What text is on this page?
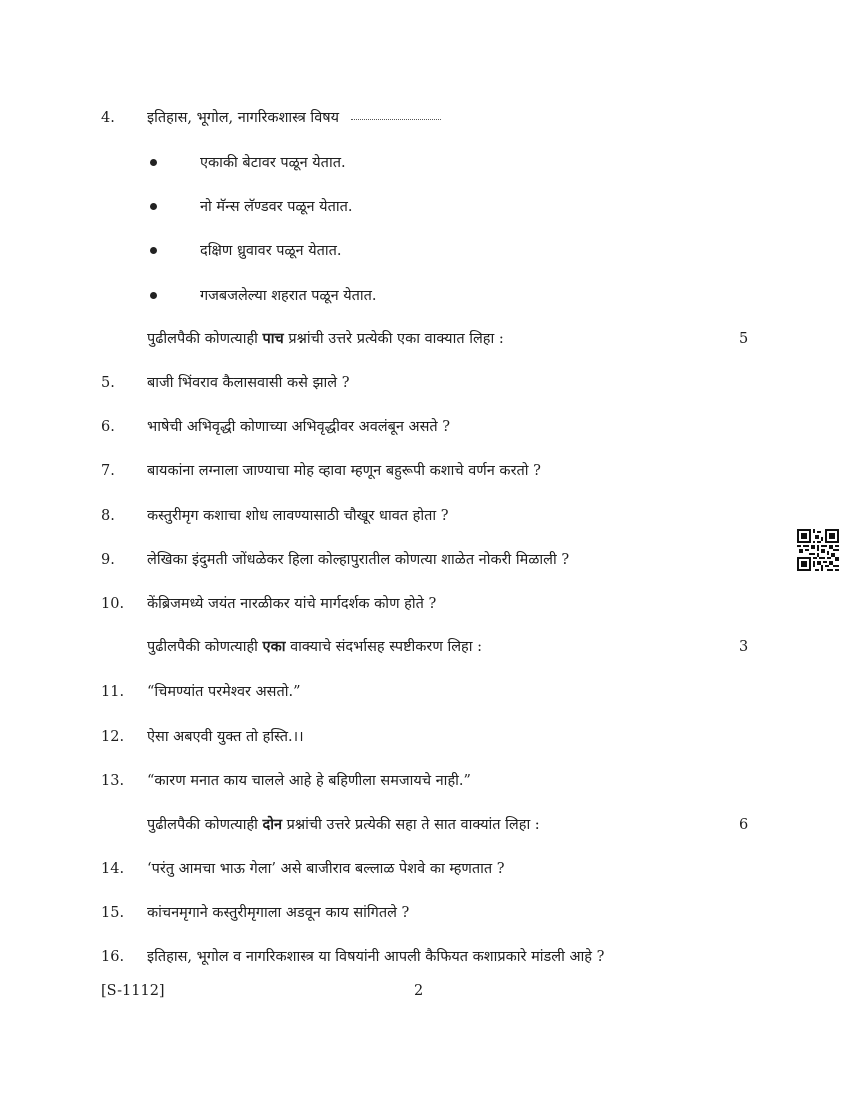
4. इतिहास, भूगोल, नागरिकशास्त्र विषय
एकाकी बेटावर पळून येतात.
नो मॅन्स लॅण्डवर पळून येतात.
दक्षिण ध्रुवावर पळून येतात.
गजबजलेल्या शहरात पळून येतात.
पुढीलपैकी कोणत्याही पाच प्रश्नांची उत्तरे प्रत्येकी एका वाक्यात लिहा :	5
5. बाजी भिंवराव कैलासवासी कसे झाले ?
6. भाषेची अभिवृद्धी कोणाच्या अभिवृद्धीवर अवलंबून असते ?
7. बायकांना लग्नाला जाण्याचा मोह व्हावा म्हणून बहुरूपी कशाचे वर्णन करतो ?
8. कस्तुरीमृग कशाचा शोध लावण्यासाठी चौखूर धावत होता ?
9. लेखिका इंदुमती जोंधळेकर हिला कोल्हापुरातील कोणत्या शाळेत नोकरी मिळाली ?
10. केंब्रिजमध्ये जयंत नारळीकर यांचे मार्गदर्शक कोण होते ?
पुढीलपैकी कोणत्याही एका वाक्याचे संदर्भासह स्पष्टीकरण लिहा :	3
11. “चिमण्यांत परमेश्वर असतो.”
12. ऐसा अबएवी युक्त तो हस्ति.।।
13. “कारण मनात काय चालले आहे हे बहिणीला समजायचे नाही.”
पुढीलपैकी कोणत्याही दोन प्रश्नांची उत्तरे प्रत्येकी सहा ते सात वाक्यांत लिहा :	6
14. ‘परंतु आमचा भाऊ गेला’ असे बाजीराव बल्लाळ पेशवे का म्हणतात ?
15. कांचनमृगाने कस्तुरीमृगाला अडवून काय सांगितले ?
16. इतिहास, भूगोल व नागरिकशास्त्र या विषयांनी आपली कैफियत कशाप्रकारे मांडली आहे ?
[S-1112]	2
